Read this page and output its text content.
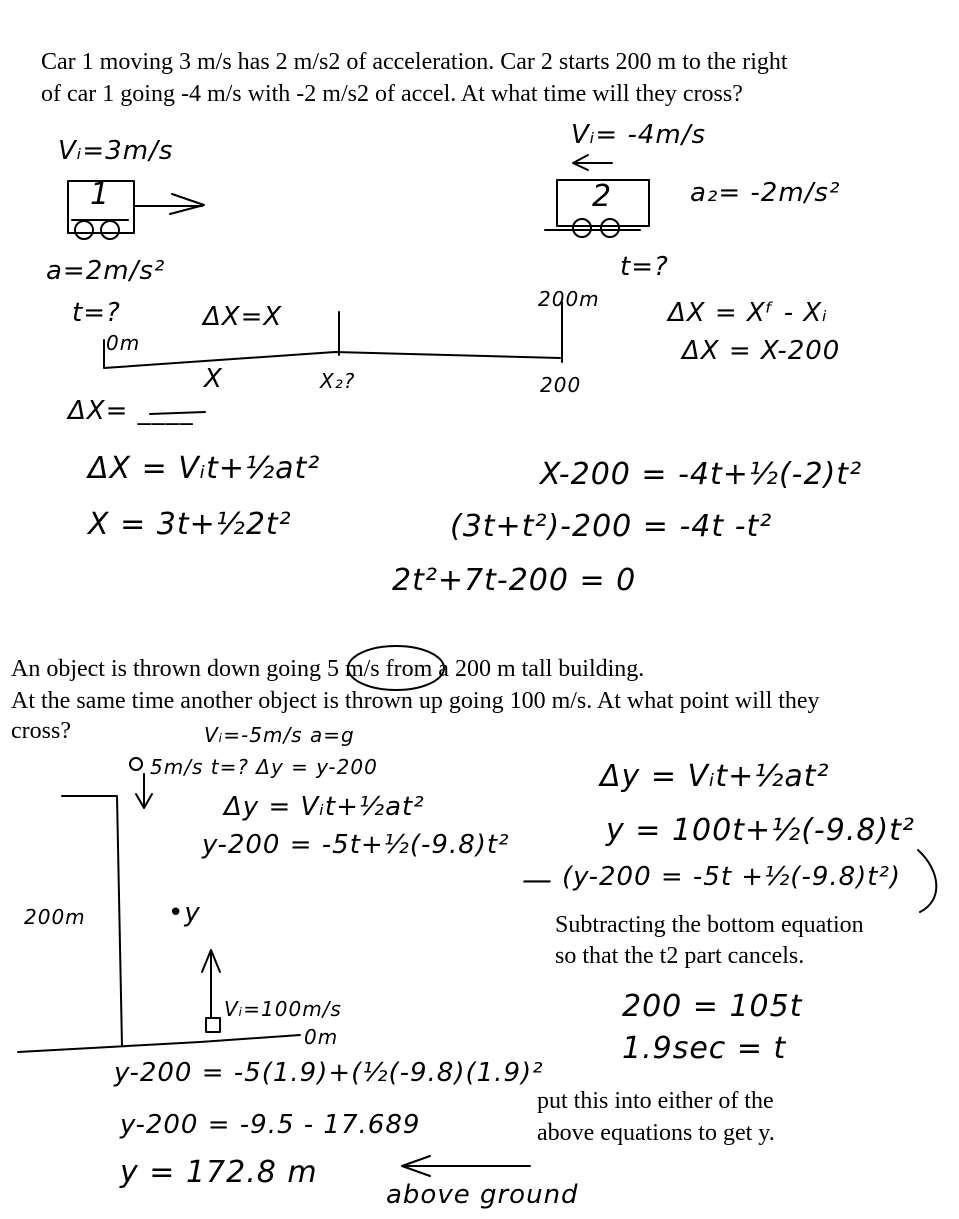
Car 1 moving 3 m/s has 2 m/s2 of acceleration. Car 2 starts 200 m to the right

of car 1 going -4 m/s with -2 m/s2 of accel. At what time will they cross?

Vᵢ=3m/s
1
a=2m/s²
t=?	ΔX=X
Vᵢ= -4m/s
2	a₂= -2m/s²
t=?
ΔX = Xᶠ - Xᵢ
ΔX = X-200
0m
200m
X	X₂?	200
ΔX= ____
ΔX = Vᵢt+½at²
X = 3t+½2t²
X-200 = -4t+½(-2)t²
(3t+t²)-200 = -4t -t²
2t²+7t-200 = 0

An object is thrown down going 5 m/s from a 200 m tall building.

At the same time another object is thrown up going 100 m/s. At what point will they

cross?	Vᵢ=-5m/s a=g
5m/s t=? Δy = y-200
Δy = Vᵢt+½at²
y-200 = -5t+½(-9.8)t²
200m	•y
Vᵢ=100m/s
0m
Δy = Vᵢt+½at²
y = 100t+½(-9.8)t²
— (y-200 = -5t +½(-9.8)t²)

Subtracting the bottom equation

so that the t2 part cancels.

200 = 105t
1.9sec = t
y-200 = -5(1.9)+(½(-9.8)(1.9)²
y-200 = -9.5 - 17.689
y = 172.8 m
above ground

put this into either of the

above equations to get y.
